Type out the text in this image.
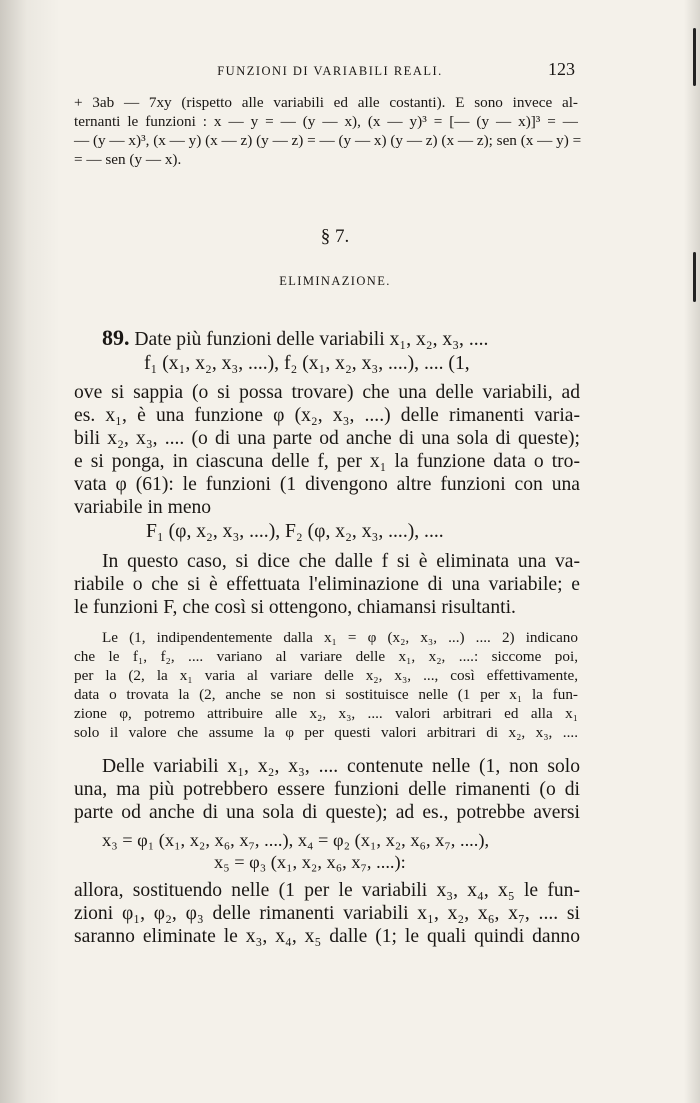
FUNZIONI DI VARIABILI REALI.	123
+ 3ab — 7xy (rispetto alle variabili ed alle costanti). E sono invece al-
ternanti le funzioni : x — y = — (y — x), (x — y)³ = [— (y — x)]³ = —
— (y — x)³, (x — y) (x — z) (y — z) = — (y — x) (y — z) (x — z); sen (x — y) =
= — sen (y — x).
§ 7.
ELIMINAZIONE.
89. Date più funzioni delle variabili x₁, x₂, x₃, ....
f₁ (x₁, x₂, x₃, ....), f₂ (x₁, x₂, x₃, ....), .... (1,
ove si sappia (o si possa trovare) che una delle variabili, ad
es. x₁, è una funzione φ (x₂, x₃, ....) delle rimanenti varia-
bili x₂, x₃, .... (o di una parte od anche di una sola di queste);
e si ponga, in ciascuna delle f, per x₁ la funzione data o tro-
vata φ (61): le funzioni (1 divengono altre funzioni con una
variabile in meno
F₁ (φ, x₂, x₃, ....), F₂ (φ, x₂, x₃, ....), ....
In questo caso, si dice che dalle f si è eliminata una va-
riabile o che si è effettuata l'eliminazione di una variabile; e
le funzioni F, che così si ottengono, chiamansi risultanti.
Le (1, indipendentemente dalla x₁ = φ (x₂, x₃, ...) .... 2) indicano
che le f₁, f₂, .... variano al variare delle x₁, x₂, ....: siccome poi,
per la (2, la x₁ varia al variare delle x₂, x₃, ..., così effettivamente,
data o trovata la (2, anche se non si sostituisce nelle (1 per x₁ la fun-
zione φ, potremo attribuire alle x₂, x₃, .... valori arbitrari ed alla x₁
solo il valore che assume la φ per questi valori arbitrari di x₂, x₃, ....
Delle variabili x₁, x₂, x₃, .... contenute nelle (1, non solo
una, ma più potrebbero essere funzioni delle rimanenti (o di
parte od anche di una sola di queste); ad es., potrebbe aversi
x₃ = φ₁ (x₁, x₂, x₆, x₇, ....), x₄ = φ₂ (x₁, x₂, x₆, x₇, ....),
x₅ = φ₃ (x₁, x₂, x₆, x₇, ....):
allora, sostituendo nelle (1 per le variabili x₃, x₄, x₅ le fun-
zioni φ₁, φ₂, φ₃ delle rimanenti variabili x₁, x₂, x₆, x₇, .... si
saranno eliminate le x₃, x₄, x₅ dalle (1; le quali quindi danno
